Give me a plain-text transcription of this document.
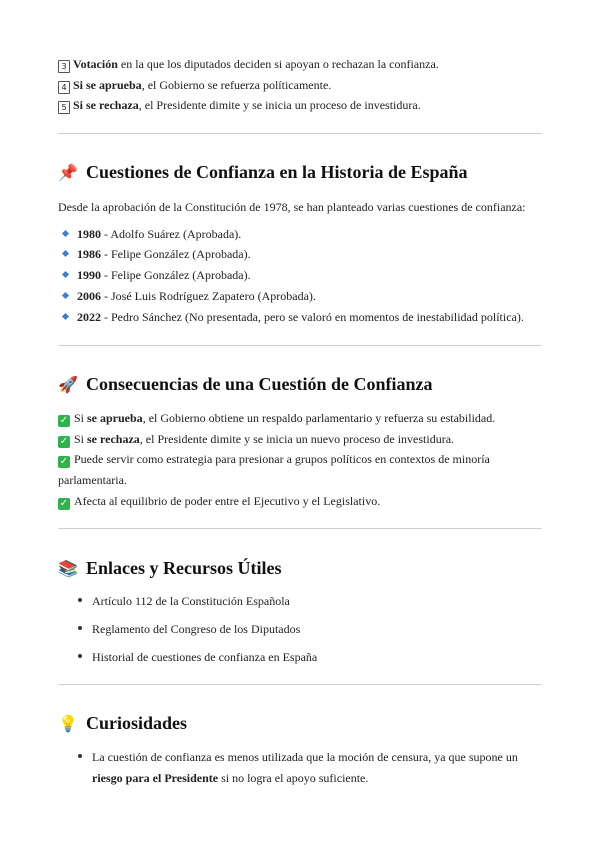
3 Votación en la que los diputados deciden si apoyan o rechazan la confianza.
4 Si se aprueba, el Gobierno se refuerza políticamente.
5 Si se rechaza, el Presidente dimite y se inicia un proceso de investidura.
📌 Cuestiones de Confianza en la Historia de España
Desde la aprobación de la Constitución de 1978, se han planteado varias cuestiones de confianza:
1980 - Adolfo Suárez (Aprobada).
1986 - Felipe González (Aprobada).
1990 - Felipe González (Aprobada).
2006 - José Luis Rodríguez Zapatero (Aprobada).
2022 - Pedro Sánchez (No presentada, pero se valoró en momentos de inestabilidad política).
🚀 Consecuencias de una Cuestión de Confianza
✓ Si se aprueba, el Gobierno obtiene un respaldo parlamentario y refuerza su estabilidad.
✓ Si se rechaza, el Presidente dimite y se inicia un nuevo proceso de investidura.
✓ Puede servir como estrategia para presionar a grupos políticos en contextos de minoría parlamentaria.
✓ Afecta al equilibrio de poder entre el Ejecutivo y el Legislativo.
📚 Enlaces y Recursos Útiles
Artículo 112 de la Constitución Española
Reglamento del Congreso de los Diputados
Historial de cuestiones de confianza en España
💡 Curiosidades
La cuestión de confianza es menos utilizada que la moción de censura, ya que supone un riesgo para el Presidente si no logra el apoyo suficiente.
